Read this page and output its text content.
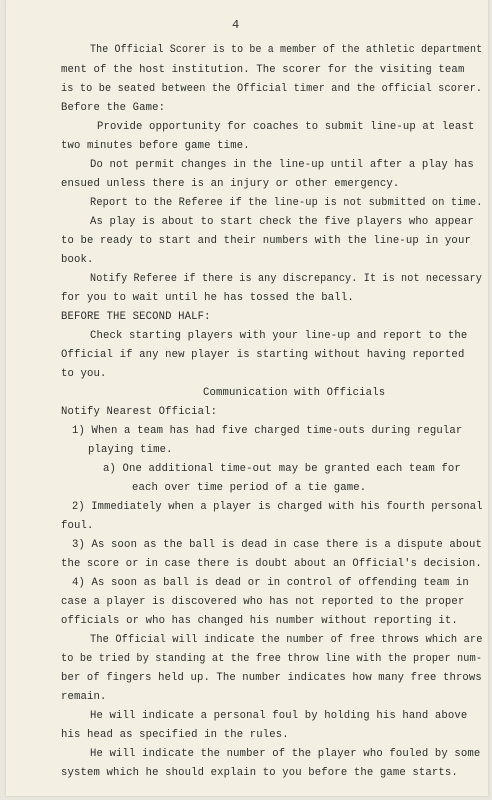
4
The Official Scorer is to be a member of the athletic department
ment of the host institution. The scorer for the visiting team
is to be seated between the Official timer and the official scorer.
Before the Game:
Provide opportunity for coaches to submit line-up at least
two minutes before game time.
Do not permit changes in the line-up until after a play has
ensued unless there is an injury or other emergency.
Report to the Referee if the line-up is not submitted on time.
As play is about to start check the five players who appear
to be ready to start and their numbers with the line-up in your
book.
Notify Referee if there is any discrepancy. It is not necessary
for you to wait until he has tossed the ball.
BEFORE THE SECOND HALF:
Check starting players with your line-up and report to the
Official if any new player is starting without having reported
to you.
Communication with Officials
Notify Nearest Official:
1) When a team has had five charged time-outs during regular
playing time.
a) One additional time-out may be granted each team for
each over time period of a tie game.
2) Immediately when a player is charged with his fourth personal
foul.
3) As soon as the ball is dead in case there is a dispute about
the score or in case there is doubt about an Official's decision.
4) As soon as ball is dead or in control of offending team in
case a player is discovered who has not reported to the proper
officials or who has changed his number without reporting it.
The Official will indicate the number of free throws which are
to be tried by standing at the free throw line with the proper num-
ber of fingers held up. The number indicates how many free throws
remain.
He will indicate a personal foul by holding his hand above
his head as specified in the rules.
He will indicate the number of the player who fouled by some
system which he should explain to you before the game starts.
